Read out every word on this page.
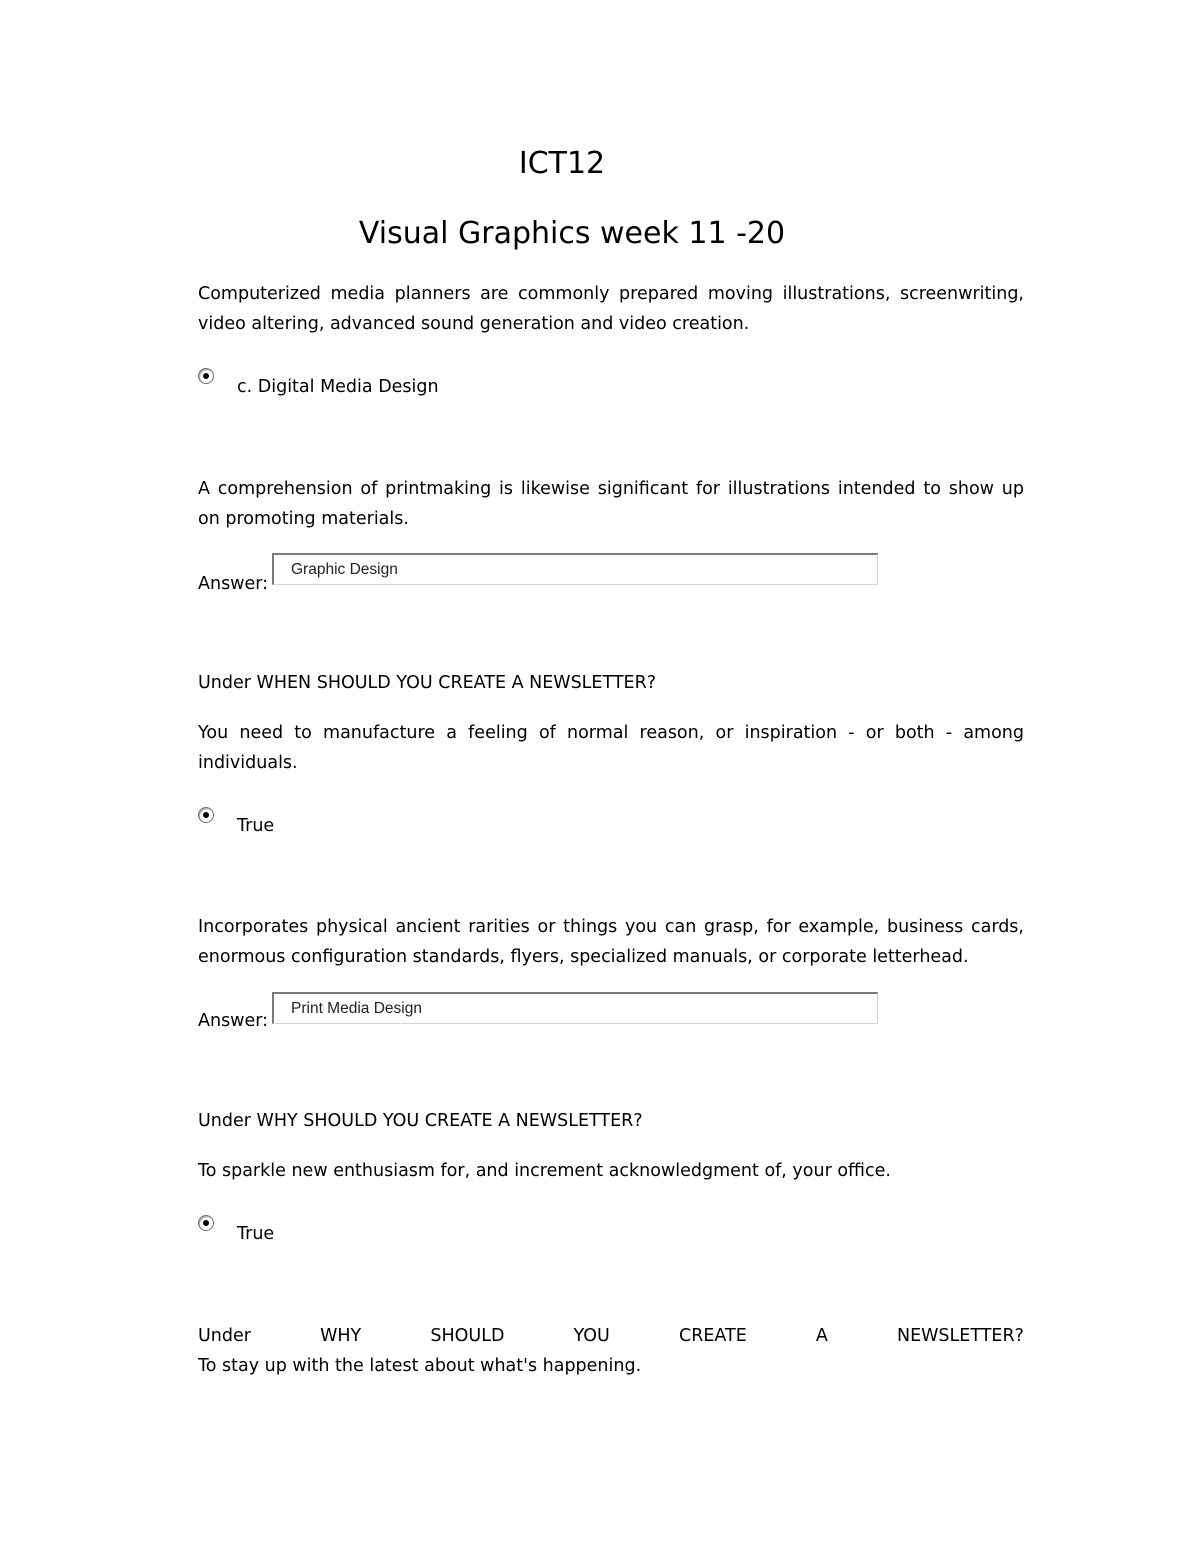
ICT12
Visual Graphics week 11 -20
Computerized media planners are commonly prepared moving illustrations, screenwriting, video altering, advanced sound generation and video creation.
c. Digital Media Design
A comprehension of printmaking is likewise significant for illustrations intended to show up on promoting materials.
Answer:
Graphic Design
Under WHEN SHOULD YOU CREATE A NEWSLETTER?
You need to manufacture a feeling of normal reason, or inspiration - or both - among individuals.
True
Incorporates physical ancient rarities or things you can grasp, for example, business cards, enormous configuration standards, flyers, specialized manuals, or corporate letterhead.
Answer:
Print Media Design
Under WHY SHOULD YOU CREATE A NEWSLETTER?
To sparkle new enthusiasm for, and increment acknowledgment of, your office.
True
Under	WHY	SHOULD	YOU	CREATE	A	NEWSLETTER?
To stay up with the latest about what's happening.
